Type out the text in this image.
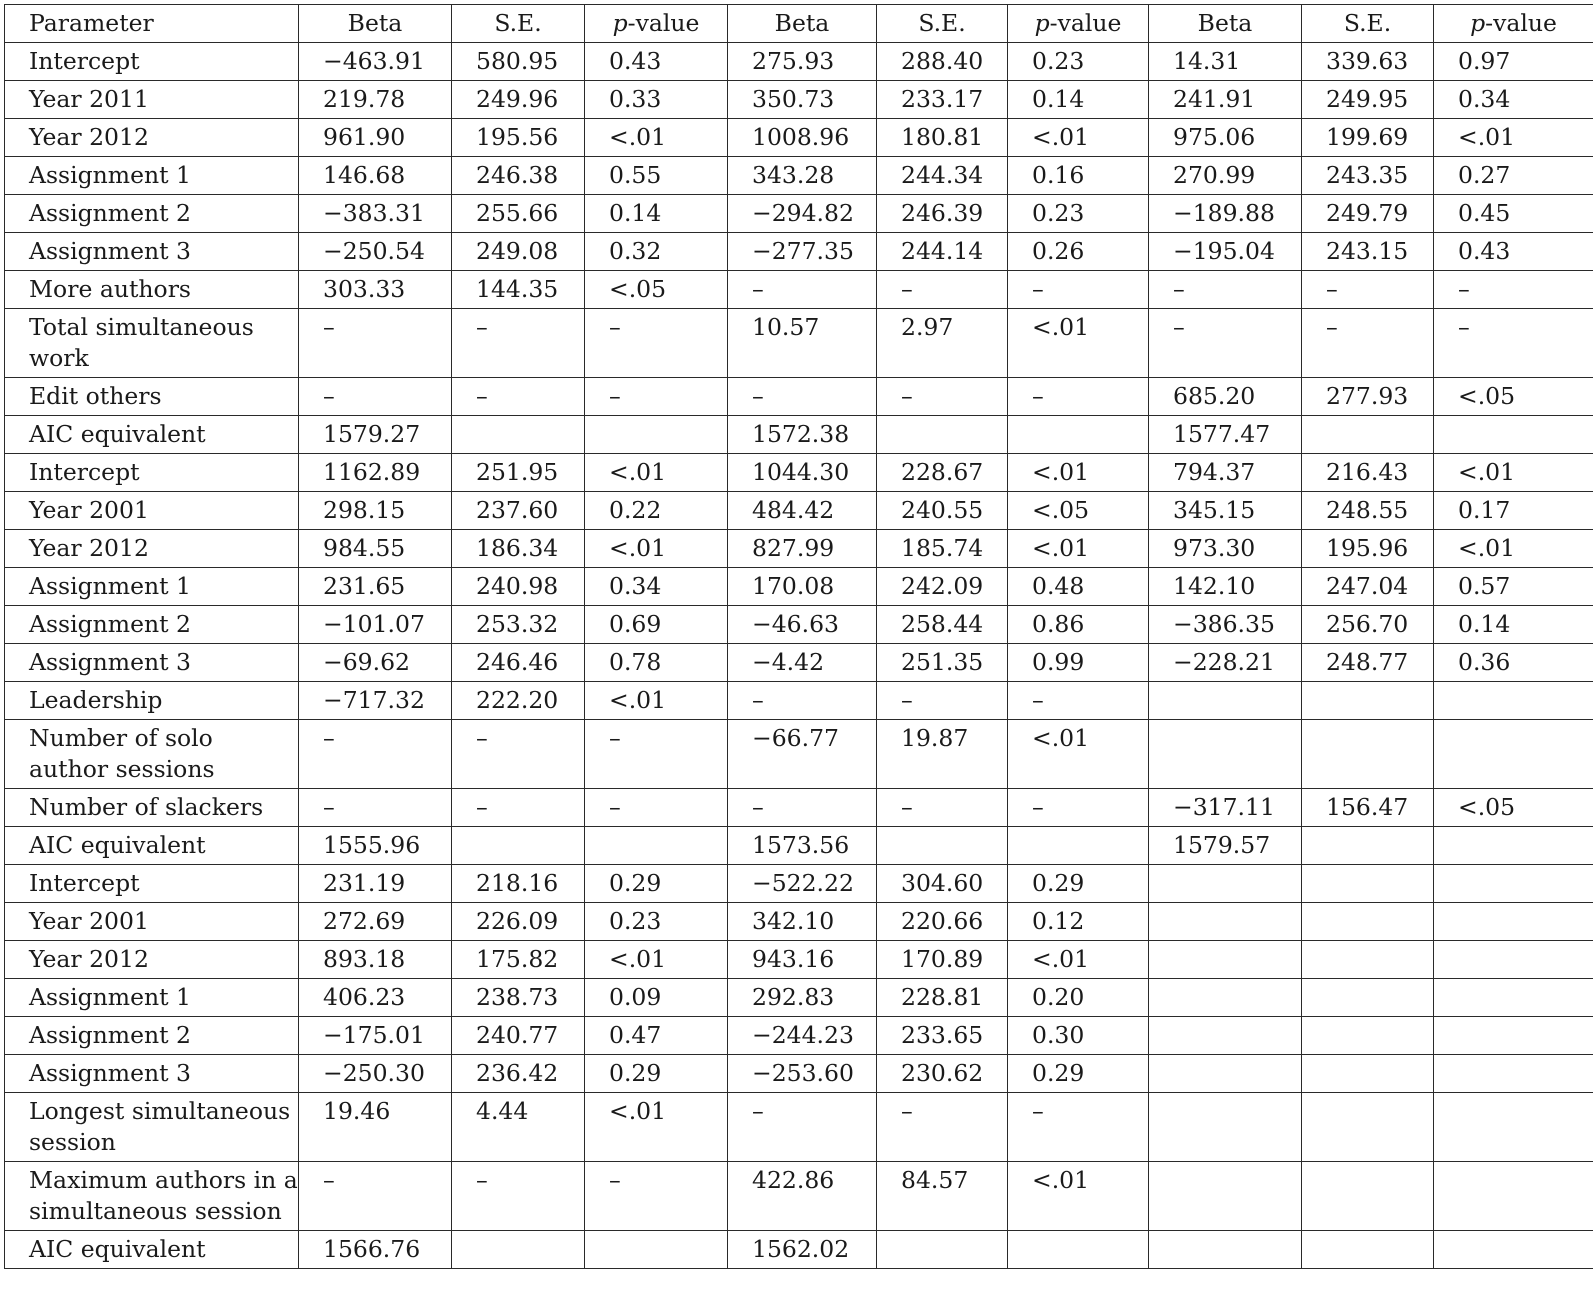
Parameter	Beta	S.E.	p-value	Beta	S.E.	p-value	Beta	S.E.	p-value
Intercept	−463.91	580.95	0.43	275.93	288.40	0.23	14.31	339.63	0.97
Year 2011	219.78	249.96	0.33	350.73	233.17	0.14	241.91	249.95	0.34
Year 2012	961.90	195.56	<.01	1008.96	180.81	<.01	975.06	199.69	<.01
Assignment 1	146.68	246.38	0.55	343.28	244.34	0.16	270.99	243.35	0.27
Assignment 2	−383.31	255.66	0.14	−294.82	246.39	0.23	−189.88	249.79	0.45
Assignment 3	−250.54	249.08	0.32	−277.35	244.14	0.26	−195.04	243.15	0.43
More authors	303.33	144.35	<.05	–	–	–	–	–	–
Total simultaneous work	–	–	–	10.57	2.97	<.01	–	–	–
Edit others	–	–	–	–	–	–	685.20	277.93	<.05
AIC equivalent	1579.27			1572.38			1577.47		
Intercept	1162.89	251.95	<.01	1044.30	228.67	<.01	794.37	216.43	<.01
Year 2001	298.15	237.60	0.22	484.42	240.55	<.05	345.15	248.55	0.17
Year 2012	984.55	186.34	<.01	827.99	185.74	<.01	973.30	195.96	<.01
Assignment 1	231.65	240.98	0.34	170.08	242.09	0.48	142.10	247.04	0.57
Assignment 2	−101.07	253.32	0.69	−46.63	258.44	0.86	−386.35	256.70	0.14
Assignment 3	−69.62	246.46	0.78	−4.42	251.35	0.99	−228.21	248.77	0.36
Leadership	−717.32	222.20	<.01	–	–	–			
Number of solo author sessions	–	–	–	−66.77	19.87	<.01			
Number of slackers	–	–	–	–	–	–	−317.11	156.47	<.05
AIC equivalent	1555.96			1573.56			1579.57		
Intercept	231.19	218.16	0.29	−522.22	304.60	0.29			
Year 2001	272.69	226.09	0.23	342.10	220.66	0.12			
Year 2012	893.18	175.82	<.01	943.16	170.89	<.01			
Assignment 1	406.23	238.73	0.09	292.83	228.81	0.20			
Assignment 2	−175.01	240.77	0.47	−244.23	233.65	0.30			
Assignment 3	−250.30	236.42	0.29	−253.60	230.62	0.29			
Longest simultaneous session	19.46	4.44	<.01	–	–	–			
Maximum authors in a simultaneous session	–	–	–	422.86	84.57	<.01			
AIC equivalent	1566.76			1562.02					
